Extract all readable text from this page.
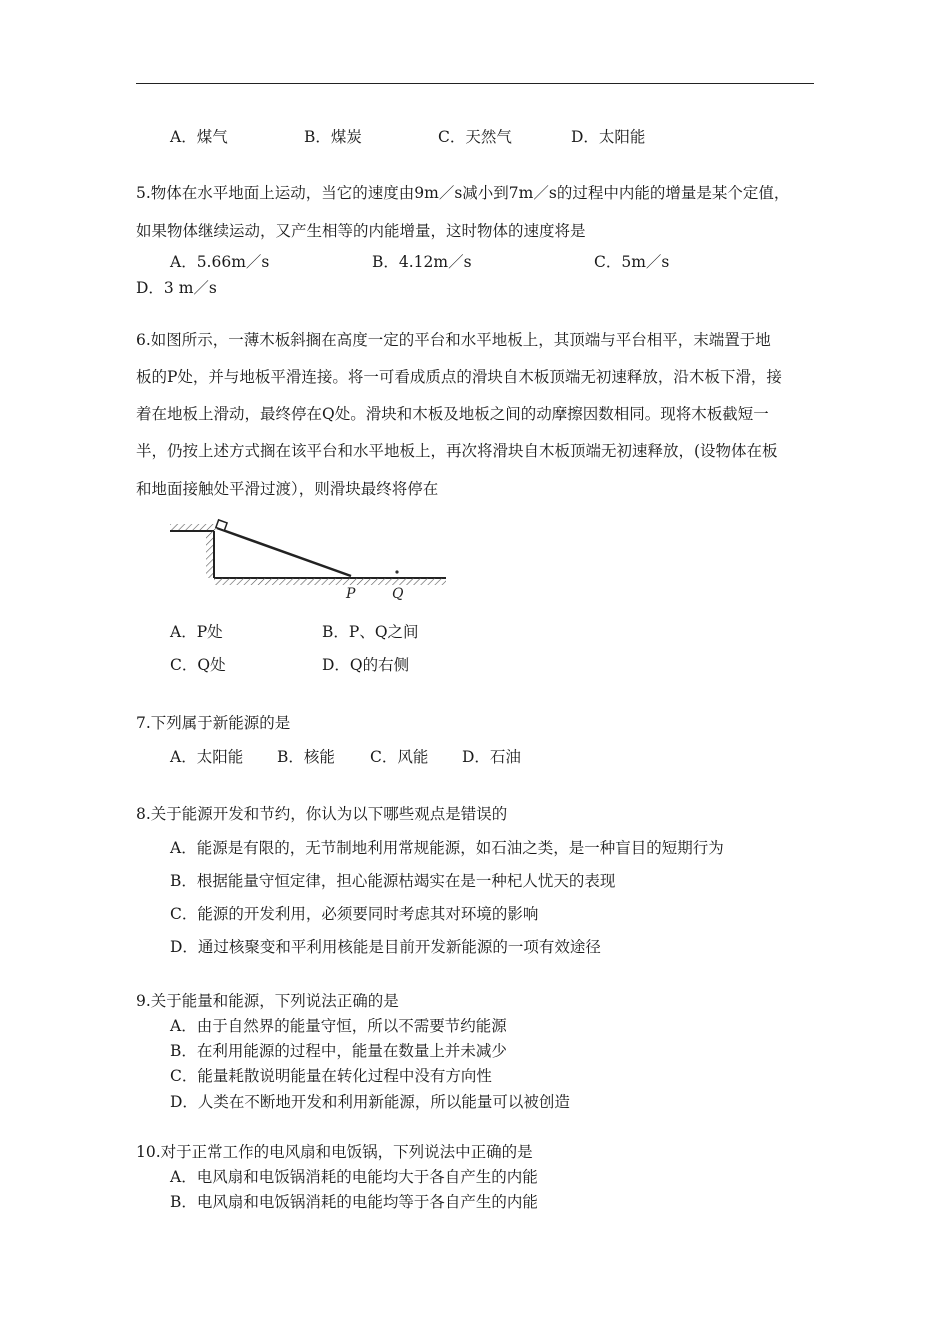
A．煤气	B．煤炭	C．天然气	D．太阳能
5.物体在水平地面上运动，当它的速度由9m／s减小到7m／s的过程中内能的增量是某个定值，
如果物体继续运动，又产生相等的内能增量，这时物体的速度将是
A．5.66m／s	B．4.12m／s	C．5m／s
D．3 m／s
6.如图所示，一薄木板斜搁在高度一定的平台和水平地板上，其顶端与平台相平，末端置于地
板的P处，并与地板平滑连接。将一可看成质点的滑块自木板顶端无初速释放，沿木板下滑，接
着在地板上滑动，最终停在Q处。滑块和木板及地板之间的动摩擦因数相同。现将木板截短一
半，仍按上述方式搁在该平台和水平地板上，再次将滑块自木板顶端无初速释放，(设物体在板
和地面接触处平滑过渡），则滑块最终将停在
P	Q
A．P处	B．P、Q之间
C．Q处	D．Q的右侧
7.下列属于新能源的是
A．太阳能 B．核能 C．风能 D．石油
8.关于能源开发和节约，你认为以下哪些观点是错误的
A．能源是有限的，无节制地利用常规能源，如石油之类，是一种盲目的短期行为
B．根据能量守恒定律，担心能源枯竭实在是一种杞人忧天的表现
C．能源的开发利用，必须要同时考虑其对环境的影响
D．通过核聚变和平利用核能是目前开发新能源的一项有效途径
9.关于能量和能源，下列说法正确的是
A．由于自然界的能量守恒，所以不需要节约能源
B．在利用能源的过程中，能量在数量上并未减少
C．能量耗散说明能量在转化过程中没有方向性
D．人类在不断地开发和利用新能源，所以能量可以被创造
10.对于正常工作的电风扇和电饭锅，下列说法中正确的是
A．电风扇和电饭锅消耗的电能均大于各自产生的内能
B．电风扇和电饭锅消耗的电能均等于各自产生的内能
